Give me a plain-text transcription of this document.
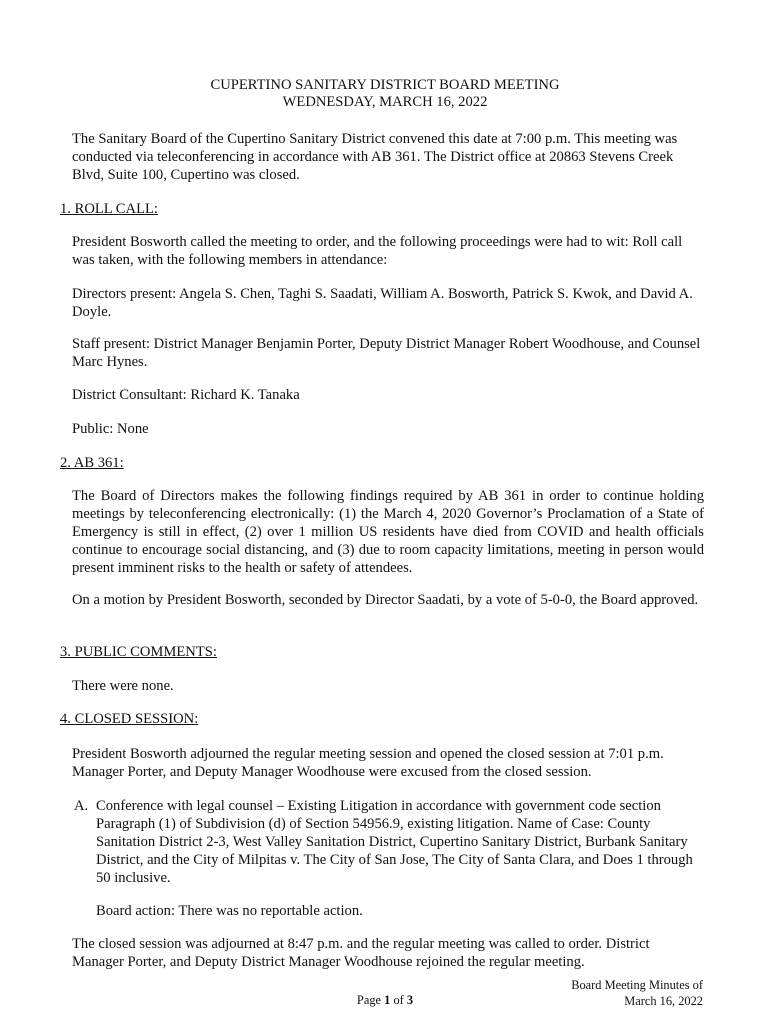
CUPERTINO SANITARY DISTRICT BOARD MEETING
WEDNESDAY, MARCH 16, 2022

The Sanitary Board of the Cupertino Sanitary District convened this date at 7:00 p.m. This meeting was conducted via teleconferencing in accordance with AB 361. The District office at 20863 Stevens Creek Blvd, Suite 100, Cupertino was closed.

1. ROLL CALL:

President Bosworth called the meeting to order, and the following proceedings were had to wit: Roll call was taken, with the following members in attendance:

Directors present: Angela S. Chen, Taghi S. Saadati, William A. Bosworth, Patrick S. Kwok, and David A. Doyle.

Staff present: District Manager Benjamin Porter, Deputy District Manager Robert Woodhouse, and Counsel Marc Hynes.

District Consultant: Richard K. Tanaka

Public: None

2. AB 361:

The Board of Directors makes the following findings required by AB 361 in order to continue holding meetings by teleconferencing electronically: (1) the March 4, 2020 Governor’s Proclamation of a State of Emergency is still in effect, (2) over 1 million US residents have died from COVID and health officials continue to encourage social distancing, and (3) due to room capacity limitations, meeting in person would present imminent risks to the health or safety of attendees.

On a motion by President Bosworth, seconded by Director Saadati, by a vote of 5-0-0, the Board approved.

3. PUBLIC COMMENTS:

There were none.

4. CLOSED SESSION:

President Bosworth adjourned the regular meeting session and opened the closed session at 7:01 p.m. Manager Porter, and Deputy Manager Woodhouse were excused from the closed session.

A. Conference with legal counsel – Existing Litigation in accordance with government code section Paragraph (1) of Subdivision (d) of Section 54956.9, existing litigation. Name of Case: County Sanitation District 2-3, West Valley Sanitation District, Cupertino Sanitary District, Burbank Sanitary District, and the City of Milpitas v. The City of San Jose, The City of Santa Clara, and Does 1 through 50 inclusive.

Board action: There was no reportable action.

The closed session was adjourned at 8:47 p.m. and the regular meeting was called to order. District Manager Porter, and Deputy District Manager Woodhouse rejoined the regular meeting.

Board Meeting Minutes of
March 16, 2022
Page 1 of 3
